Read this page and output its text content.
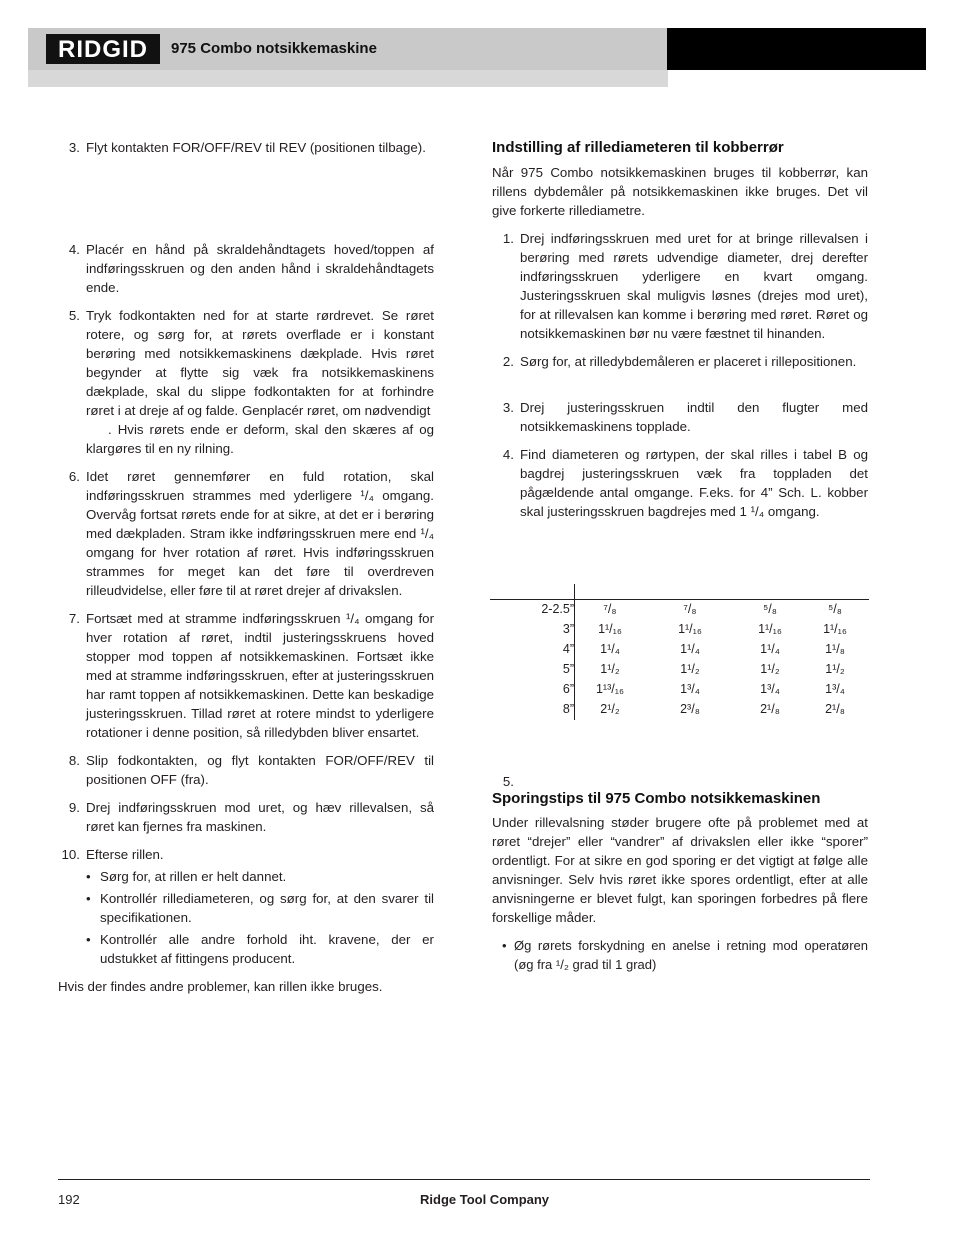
RIDGID 975 Combo notsikkemaskine
3. Flyt kontakten FOR/OFF/REV til REV (positionen tilbage).
4. Placér en hånd på skraldehåndtagets hoved/toppen af indføringsskruen og den anden hånd i skraldehåndtagets ende.
5. Tryk fodkontakten ned for at starte rørdrevet. Se røret rotere, og sørg for, at rørets overflade er i konstant berøring med notsikkemaskinens dækplade. Hvis røret begynder at flytte sig væk fra notsikkemaskinens dækplade, skal du slippe fodkontakten for at forhindre røret i at dreje af og falde. Genplacér røret, om nødvendigt
. Hvis rørets ende er deform, skal den skæres af og klargøres til en ny rilning.
6. Idet røret gennemfører en fuld rotation, skal indføringsskruen strammes med yderligere ¹/₄ omgang. Overvåg fortsat rørets ende for at sikre, at det er i berøring med dækpladen. Stram ikke indføringsskruen mere end ¹/₄ omgang for hver rotation af røret. Hvis indføringsskruen strammes for meget kan det føre til overdreven rilleudvidelse, eller føre til at røret drejer af drivakslen.
7. Fortsæt med at stramme indføringsskruen ¹/₄ omgang for hver rotation af røret, indtil justeringsskruens hoved stopper mod toppen af notsikkemaskinen. Fortsæt ikke med at stramme indføringsskruen, efter at justeringsskruen har ramt toppen af notsikkemaskinen. Dette kan beskadige justeringsskruen. Tillad røret at rotere mindst to yderligere rotationer i denne position, så rilledybden bliver ensartet.
8. Slip fodkontakten, og flyt kontakten FOR/OFF/REV til positionen OFF (fra).
9. Drej indføringsskruen mod uret, og hæv rillevalsen, så røret kan fjernes fra maskinen.
10. Efterse rillen.
• Sørg for, at rillen er helt dannet.
• Kontrollér rillediameteren, og sørg for, at den svarer til specifikationen.
• Kontrollér alle andre forhold iht. kravene, der er udstukket af fittingens producent.
Hvis der findes andre problemer, kan rillen ikke bruges.
Indstilling af rillediameteren til kobberrør
Når 975 Combo notsikkemaskinen bruges til kobberrør, kan rillens dybdemåler på notsikkemaskinen ikke bruges. Det vil give forkerte rillediametre.
1. Drej indføringsskruen med uret for at bringe rillevalsen i berøring med rørets udvendige diameter, drej derefter indføringsskruen yderligere en kvart omgang. Justeringsskruen skal muligvis løsnes (drejes mod uret), for at rillevalsen kan komme i berøring med røret. Røret og notsikkemaskinen bør nu være fæstnet til hinanden.
2. Sørg for, at rilledybdemåleren er placeret i rillepositionen.
3. Drej justeringsskruen indtil den flugter med notsikkemaskinens topplade.
4. Find diameteren og rørtypen, der skal rilles i tabel B og bagdrej justeringsskruen væk fra toppladen det pågældende antal omgange. F.eks. for 4” Sch. L. kobber skal justeringsskruen bagdrejes med 1 ¹/₄ omgang.
2-2.5”	⁷/₈	⁷/₈	⁵/₈	⁵/₈
3”	1¹/₁₆	1¹/₁₆	1¹/₁₆	1¹/₁₆
4”	1¹/₄	1¹/₄	1¹/₄	1¹/₈
5”	1¹/₂	1¹/₂	1¹/₂	1¹/₂
6”	1¹³/₁₆	1³/₄	1³/₄	1³/₄
8”	2¹/₂	2³/₈	2¹/₈	2¹/₈
5.
Sporingstips til 975 Combo notsikkemaskinen
Under rillevalsning støder brugere ofte på problemet med at røret “drejer” eller “vandrer” af drivakslen eller ikke “sporer” ordentligt. For at sikre en god sporing er det vigtigt at følge alle anvisninger. Selv hvis røret ikke spores ordentligt, efter at alle anvisningerne er blevet fulgt, kan sporingen forbedres på flere forskellige måder.
• Øg rørets forskydning en anelse i retning mod operatøren (øg fra ¹/₂ grad til 1 grad)
192	Ridge Tool Company
